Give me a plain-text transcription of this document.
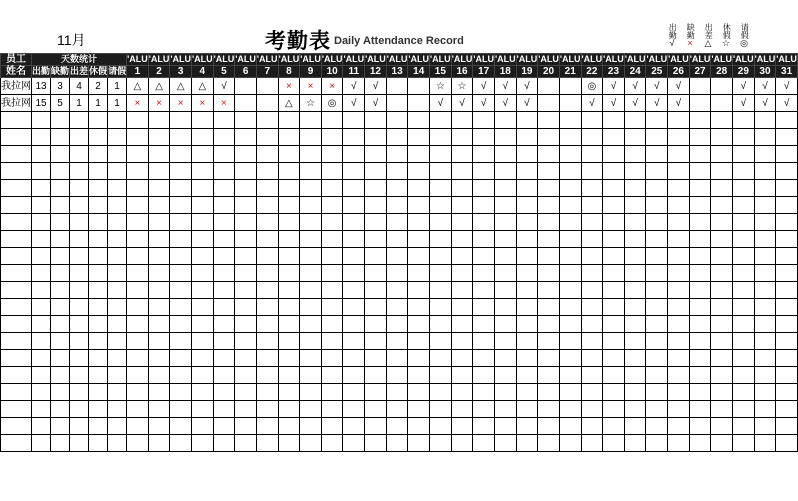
11月	考勤表 Daily Attendance Record
出勤
√
缺勤
×
出差
△
休假
☆
请假
◎
员工	天数统计					'ALU	'ALU	'ALU	'ALU	'ALU	'ALU	'ALU	'ALU	'ALU	'ALU	'ALU	'ALU	'ALU	'ALU	'ALU	'ALU	'ALU	'ALU	'ALU	'ALU	'ALU	'ALU	'ALU	'ALU	'ALU	'ALU	'ALU	'ALU	'ALU	'ALU	'ALU
姓名	出勤	缺勤	出差	休假	请假	1	2	3	4	5	6	7	8	9	10	11	12	13	14	15	16	17	18	19	20	21	22	23	24	25	26	27	28	29	30	31
我拉网	13	3	4	2	1	△	△	△	△	√			×	×	×	√	√			☆	☆	√	√	√			◎	√	√	√	√			√	√	√
我拉网	15	5	1	1	1	×	×	×	×	×			△	☆	◎	√	√			√	√	√	√	√			√	√	√	√	√			√	√	√
